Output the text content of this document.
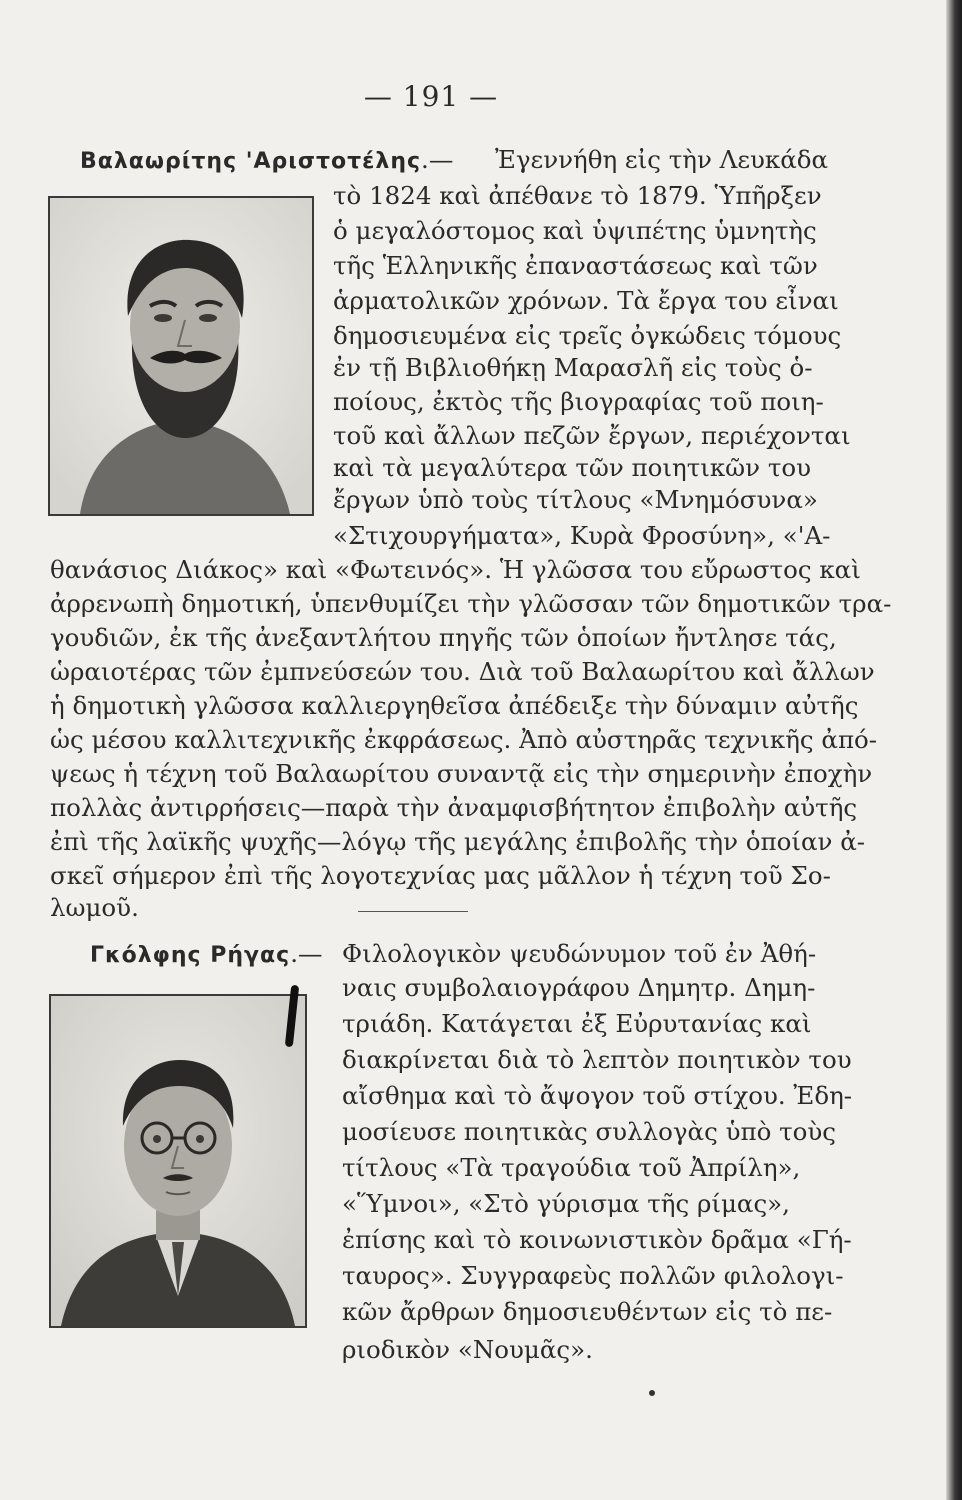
— 191 —
Βαλαωρίτης 'Αριστοτέλης.— Ἐγεννήθη εἰς τὴν Λευκάδα
τὸ 1824 καὶ ἀπέθανε τὸ 1879. Ὑπῆρξεν
ὁ μεγαλόστομος καὶ ὑψιπέτης ὑμνητὴς
τῆς Ἑλληνικῆς ἐπαναστάσεως καὶ τῶν
ἁρματολικῶν χρόνων. Τὰ ἔργα του εἶναι
δημοσιευμένα εἰς τρεῖς ὀγκώδεις τόμους
ἐν τῇ Βιβλιοθήκῃ Μαρασλῆ εἰς τοὺς ὁ-
ποίους, ἐκτὸς τῆς βιογραφίας τοῦ ποιη-
τοῦ καὶ ἄλλων πεζῶν ἔργων, περιέχονται
καὶ τὰ μεγαλύτερα τῶν ποιητικῶν του
ἔργων ὑπὸ τοὺς τίτλους «Μνημόσυνα»
«Στιχουργήματα», Κυρὰ Φροσύνη», «'Α-
θανάσιος Διάκος» καὶ «Φωτεινός». Ἡ γλῶσσα του εὔρωστος καὶ
ἀρρενωπὴ δημοτική, ὑπενθυμίζει τὴν γλῶσσαν τῶν δημοτικῶν τρα-
γουδιῶν, ἐκ τῆς ἀνεξαντλήτου πηγῆς τῶν ὁποίων ἤντλησε τάς,
ὡραιοτέρας τῶν ἐμπνεύσεών του. Διὰ τοῦ Βαλαωρίτου καὶ ἄλλων
ἡ δημοτικὴ γλῶσσα καλλιεργηθεῖσα ἀπέδειξε τὴν δύναμιν αὐτῆς
ὡς μέσου καλλιτεχνικῆς ἐκφράσεως. Ἀπὸ αὐστηρᾶς τεχνικῆς ἀπό-
ψεως ἡ τέχνη τοῦ Βαλαωρίτου συναντᾷ εἰς τὴν σημερινὴν ἐποχὴν
πολλὰς ἀντιρρήσεις—παρὰ τὴν ἀναμφισβήτητον ἐπιβολὴν αὐτῆς
ἐπὶ τῆς λαϊκῆς ψυχῆς—λόγῳ τῆς μεγάλης ἐπιβολῆς τὴν ὁποίαν ἀ-
σκεῖ σήμερον ἐπὶ τῆς λογοτεχνίας μας μᾶλλον ἡ τέχνη τοῦ Σο-
λωμοῦ.
Γκόλφης Ρήγας.— Φιλολογικὸν ψευδώνυμον τοῦ ἐν Ἀθή-
ναις συμβολαιογράφου Δημητρ. Δημη-
τριάδη. Κατάγεται ἐξ Εὐρυτανίας καὶ
διακρίνεται διὰ τὸ λεπτὸν ποιητικὸν του
αἴσθημα καὶ τὸ ἄψογον τοῦ στίχου. Ἐδη-
μοσίευσε ποιητικὰς συλλογὰς ὑπὸ τοὺς
τίτλους «Τὰ τραγούδια τοῦ Ἀπρίλη»,
«Ὕμνοι», «Στὸ γύρισμα τῆς ρίμας»,
ἐπίσης καὶ τὸ κοινωνιστικὸν δρᾶμα «Γή-
ταυρος». Συγγραφεὺς πολλῶν φιλολογι-
κῶν ἄρθρων δημοσιευθέντων εἰς τὸ πε-
ριοδικὸν «Νουμᾶς».
